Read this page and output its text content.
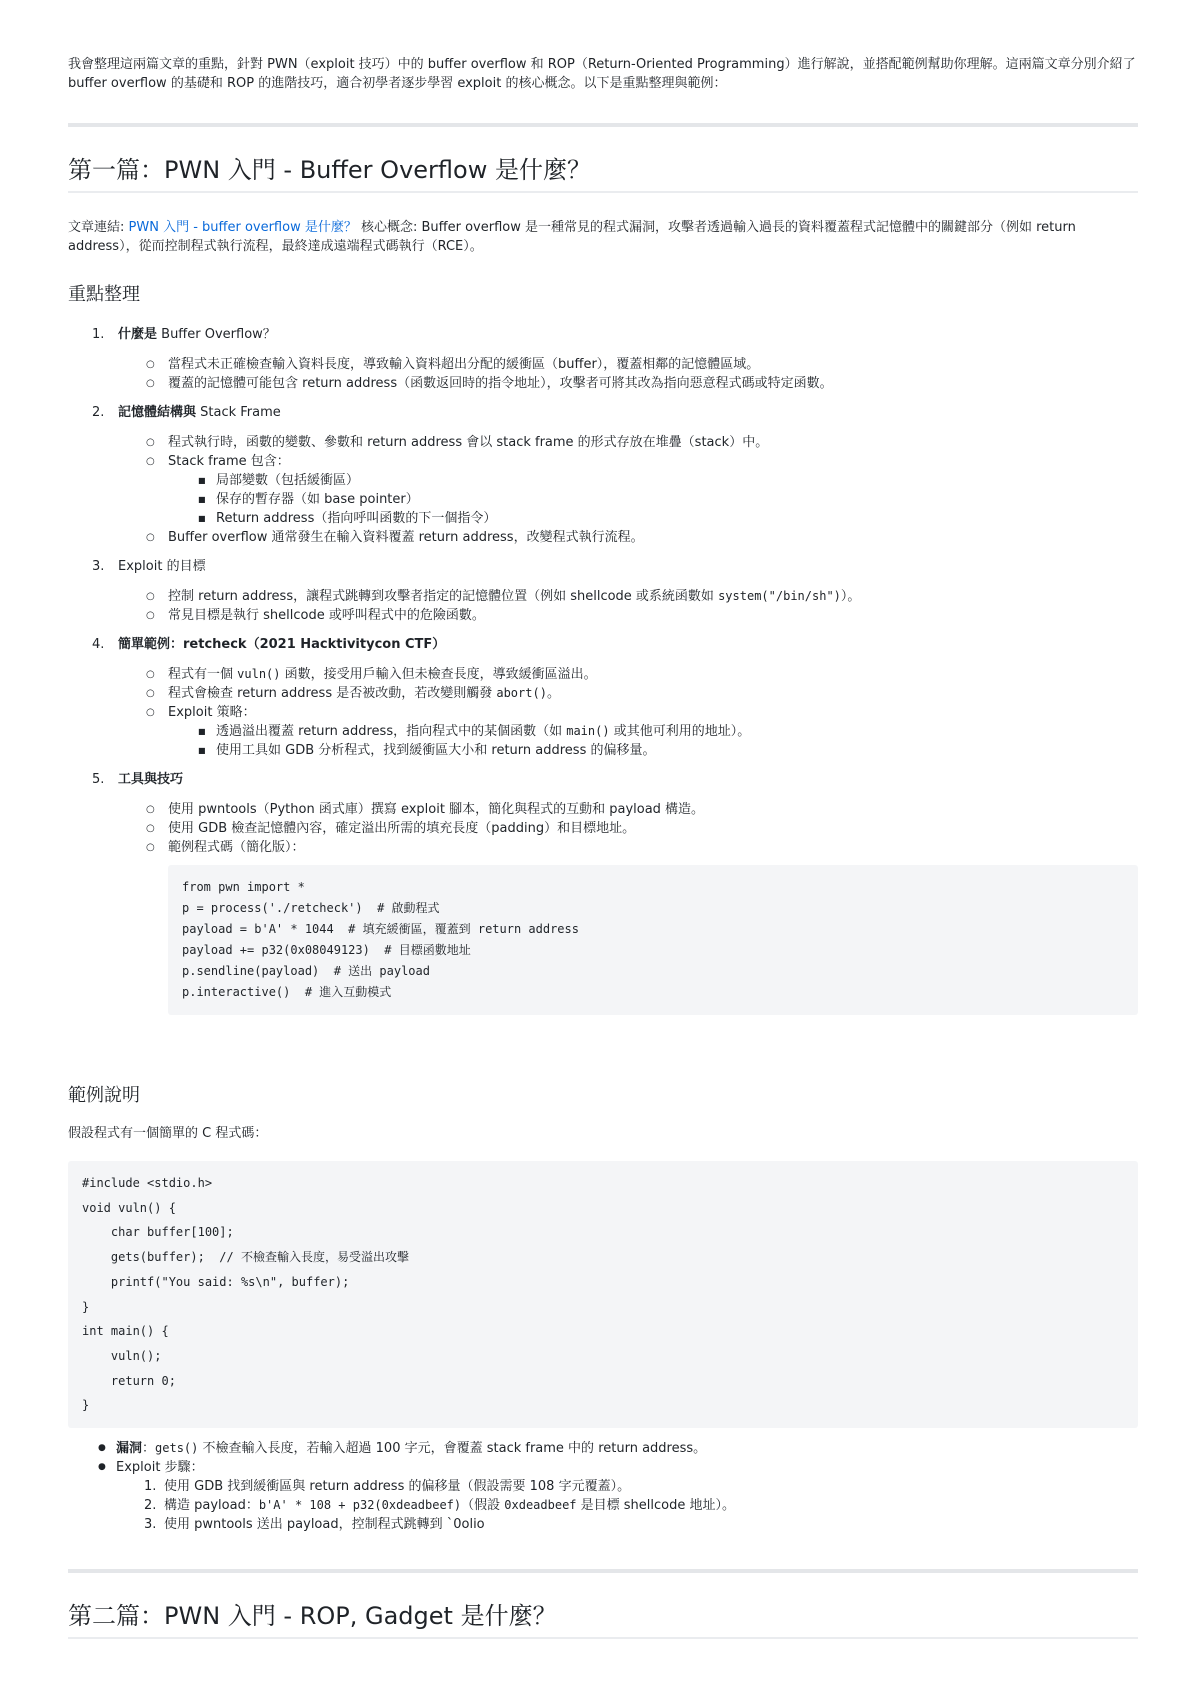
我會整理這兩篇文章的重點，針對 PWN（exploit 技巧）中的 buffer overflow 和 ROP（Return-Oriented Programming）進行解說，並搭配範例幫助你理解。這兩篇文章分別介紹了 buffer overflow 的基礎和 ROP 的進階技巧，適合初學者逐步學習 exploit 的核心概念。以下是重點整理與範例：

第一篇：PWN 入門 - Buffer Overflow 是什麼？

文章連結: PWN 入門 - buffer overflow 是什麼？ 核心概念: Buffer overflow 是一種常見的程式漏洞，攻擊者透過輸入過長的資料覆蓋程式記憶體中的關鍵部分（例如 return address），從而控制程式執行流程，最終達成遠端程式碼執行（RCE）。

重點整理
1. 什麼是 Buffer Overflow？
○ 當程式未正確檢查輸入資料長度，導致輸入資料超出分配的緩衝區（buffer），覆蓋相鄰的記憶體區域。
○ 覆蓋的記憶體可能包含 return address（函數返回時的指令地址），攻擊者可將其改為指向惡意程式碼或特定函數。
2. 記憶體結構與 Stack Frame
○ 程式執行時，函數的變數、參數和 return address 會以 stack frame 的形式存放在堆疊（stack）中。
○ Stack frame 包含：
■ 局部變數（包括緩衝區）
■ 保存的暫存器（如 base pointer）
■ Return address（指向呼叫函數的下一個指令）
○ Buffer overflow 通常發生在輸入資料覆蓋 return address，改變程式執行流程。
3. Exploit 的目標
○ 控制 return address，讓程式跳轉到攻擊者指定的記憶體位置（例如 shellcode 或系統函數如 system("/bin/sh")）。
○ 常見目標是執行 shellcode 或呼叫程式中的危險函數。
4. 簡單範例：retcheck（2021 Hacktivitycon CTF）
○ 程式有一個 vuln() 函數，接受用戶輸入但未檢查長度，導致緩衝區溢出。
○ 程式會檢查 return address 是否被改動，若改變則觸發 abort()。
○ Exploit 策略：
■ 透過溢出覆蓋 return address，指向程式中的某個函數（如 main() 或其他可利用的地址）。
■ 使用工具如 GDB 分析程式，找到緩衝區大小和 return address 的偏移量。
5. 工具與技巧
○ 使用 pwntools（Python 函式庫）撰寫 exploit 腳本，簡化與程式的互動和 payload 構造。
○ 使用 GDB 檢查記憶體內容，確定溢出所需的填充長度（padding）和目標地址。
○ 範例程式碼（簡化版）：
from pwn import *
p = process('./retcheck')  # 啟動程式
payload = b'A' * 1044  # 填充緩衝區，覆蓋到 return address
payload += p32(0x08049123)  # 目標函數地址
p.sendline(payload)  # 送出 payload
p.interactive()  # 進入互動模式
範例說明

假設程式有一個簡單的 C 程式碼：

#include <stdio.h>
void vuln() {
char buffer[100];
gets(buffer);  // 不檢查輸入長度，易受溢出攻擊
printf("You said: %s\n", buffer);
}
int main() {
vuln();
return 0;
}
● 漏洞：gets() 不檢查輸入長度，若輸入超過 100 字元，會覆蓋 stack frame 中的 return address。
● Exploit 步驟：
1. 使用 GDB 找到緩衝區與 return address 的偏移量（假設需要 108 字元覆蓋）。
2. 構造 payload：b'A' * 108 + p32(0xdeadbeef)（假設 0xdeadbeef 是目標 shellcode 地址）。
3. 使用 pwntools 送出 payload，控制程式跳轉到 `0olio
第二篇：PWN 入門 - ROP, Gadget 是什麼？
